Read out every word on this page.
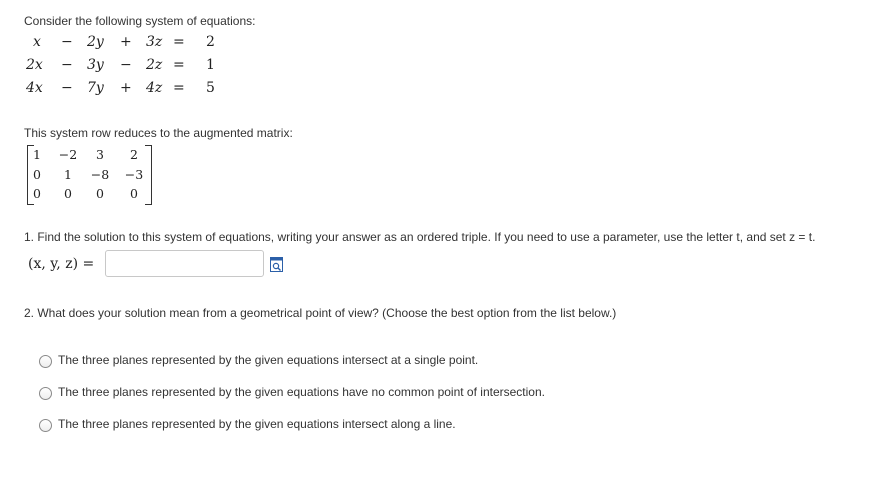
Consider the following system of equations:
x − 2y + 3z = 2
2x − 3y − 2z = 1
4x − 7y + 4z = 5
This system row reduces to the augmented matrix:
1	−2	3	2
0	1	−8	−3
0	0	0	0
1. Find the solution to this system of equations, writing your answer as an ordered triple. If you need to use a parameter, use the letter t, and set z = t.
(x, y, z) =
2. What does your solution mean from a geometrical point of view? (Choose the best option from the list below.)
The three planes represented by the given equations intersect at a single point.
The three planes represented by the given equations have no common point of intersection.
The three planes represented by the given equations intersect along a line.
